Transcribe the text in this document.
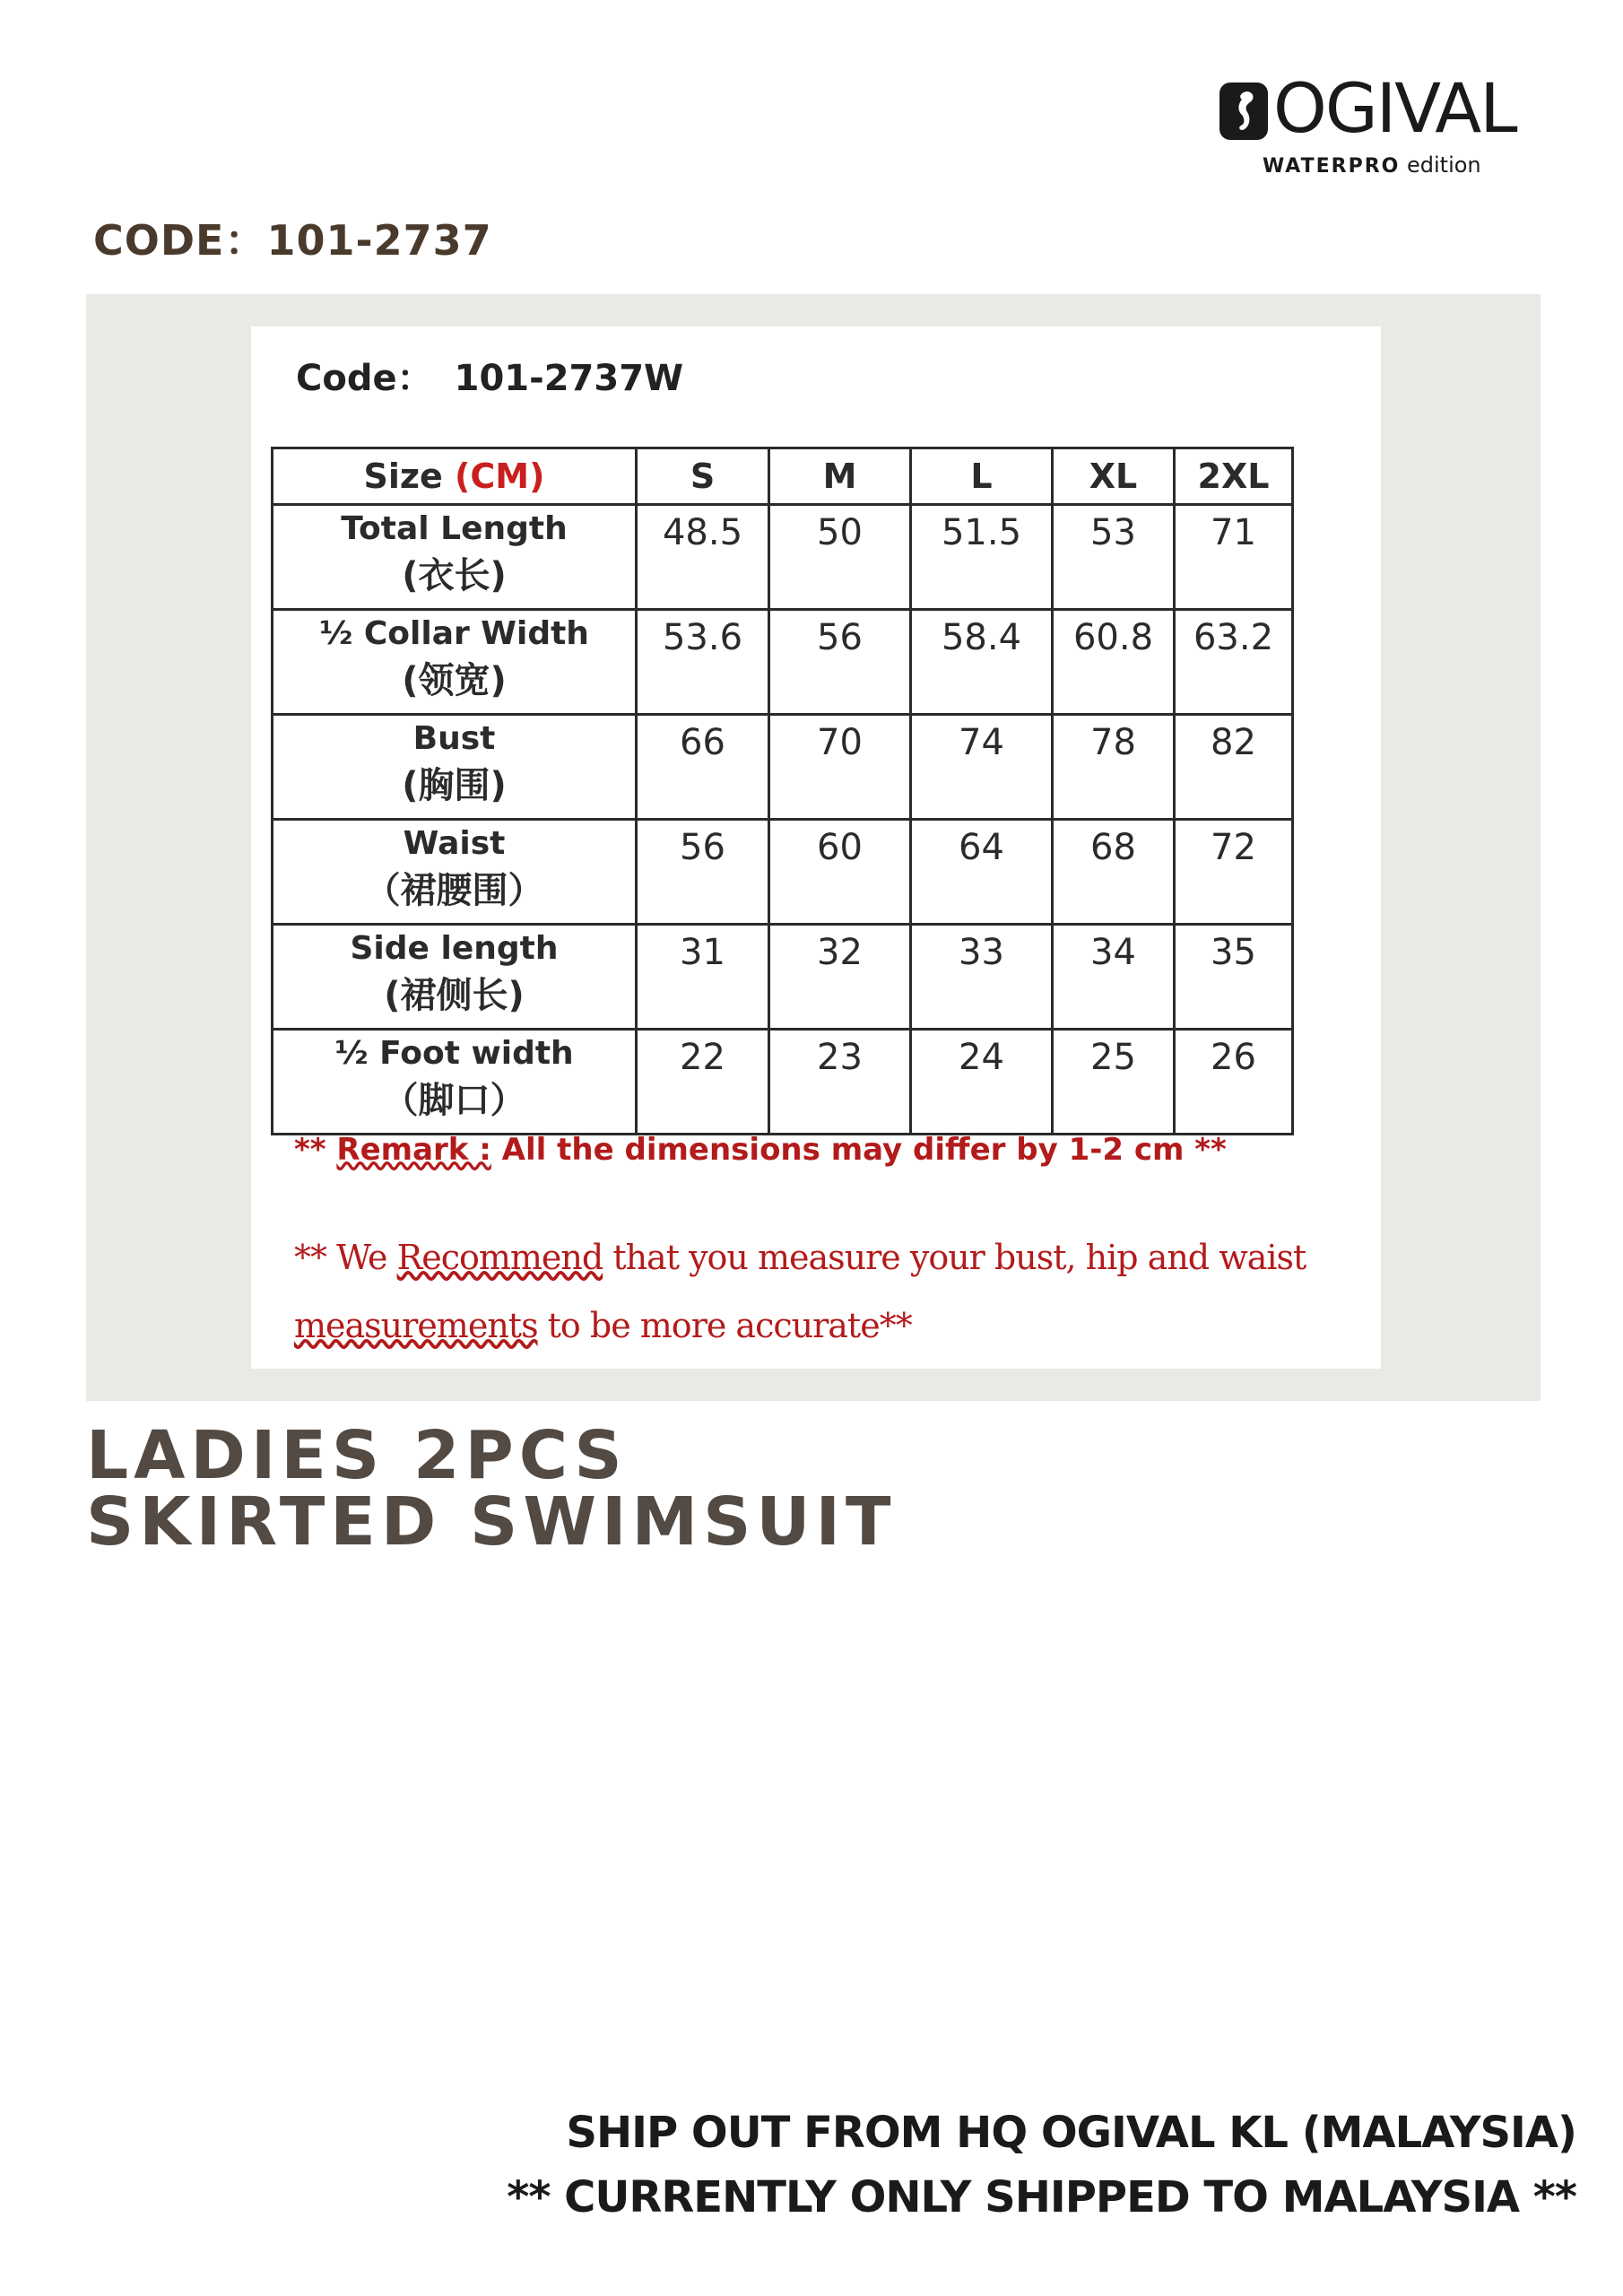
OGIVAL
WATERPRO edition
CODE：101-2737
Code： 101-2737W
Size (CM)	S	M	L	XL	2XL
Total Length
(衣长)	48.5	50	51.5	53	71
½ Collar Width
(领宽)	53.6	56	58.4	60.8	63.2
Bust
(胸围)	66	70	74	78	82
Waist
（裙腰围）	56	60	64	68	72
Side length
(裙侧长)	31	32	33	34	35
½ Foot width
（脚口）	22	23	24	25	26
** Remark : All the dimensions may differ by 1-2 cm **
** We Recommend that you measure your bust, hip and waist
measurements to be more accurate**
LADIES 2PCS
SKIRTED SWIMSUIT
SHIP OUT FROM HQ OGIVAL KL (MALAYSIA)
** CURRENTLY ONLY SHIPPED TO MALAYSIA **
